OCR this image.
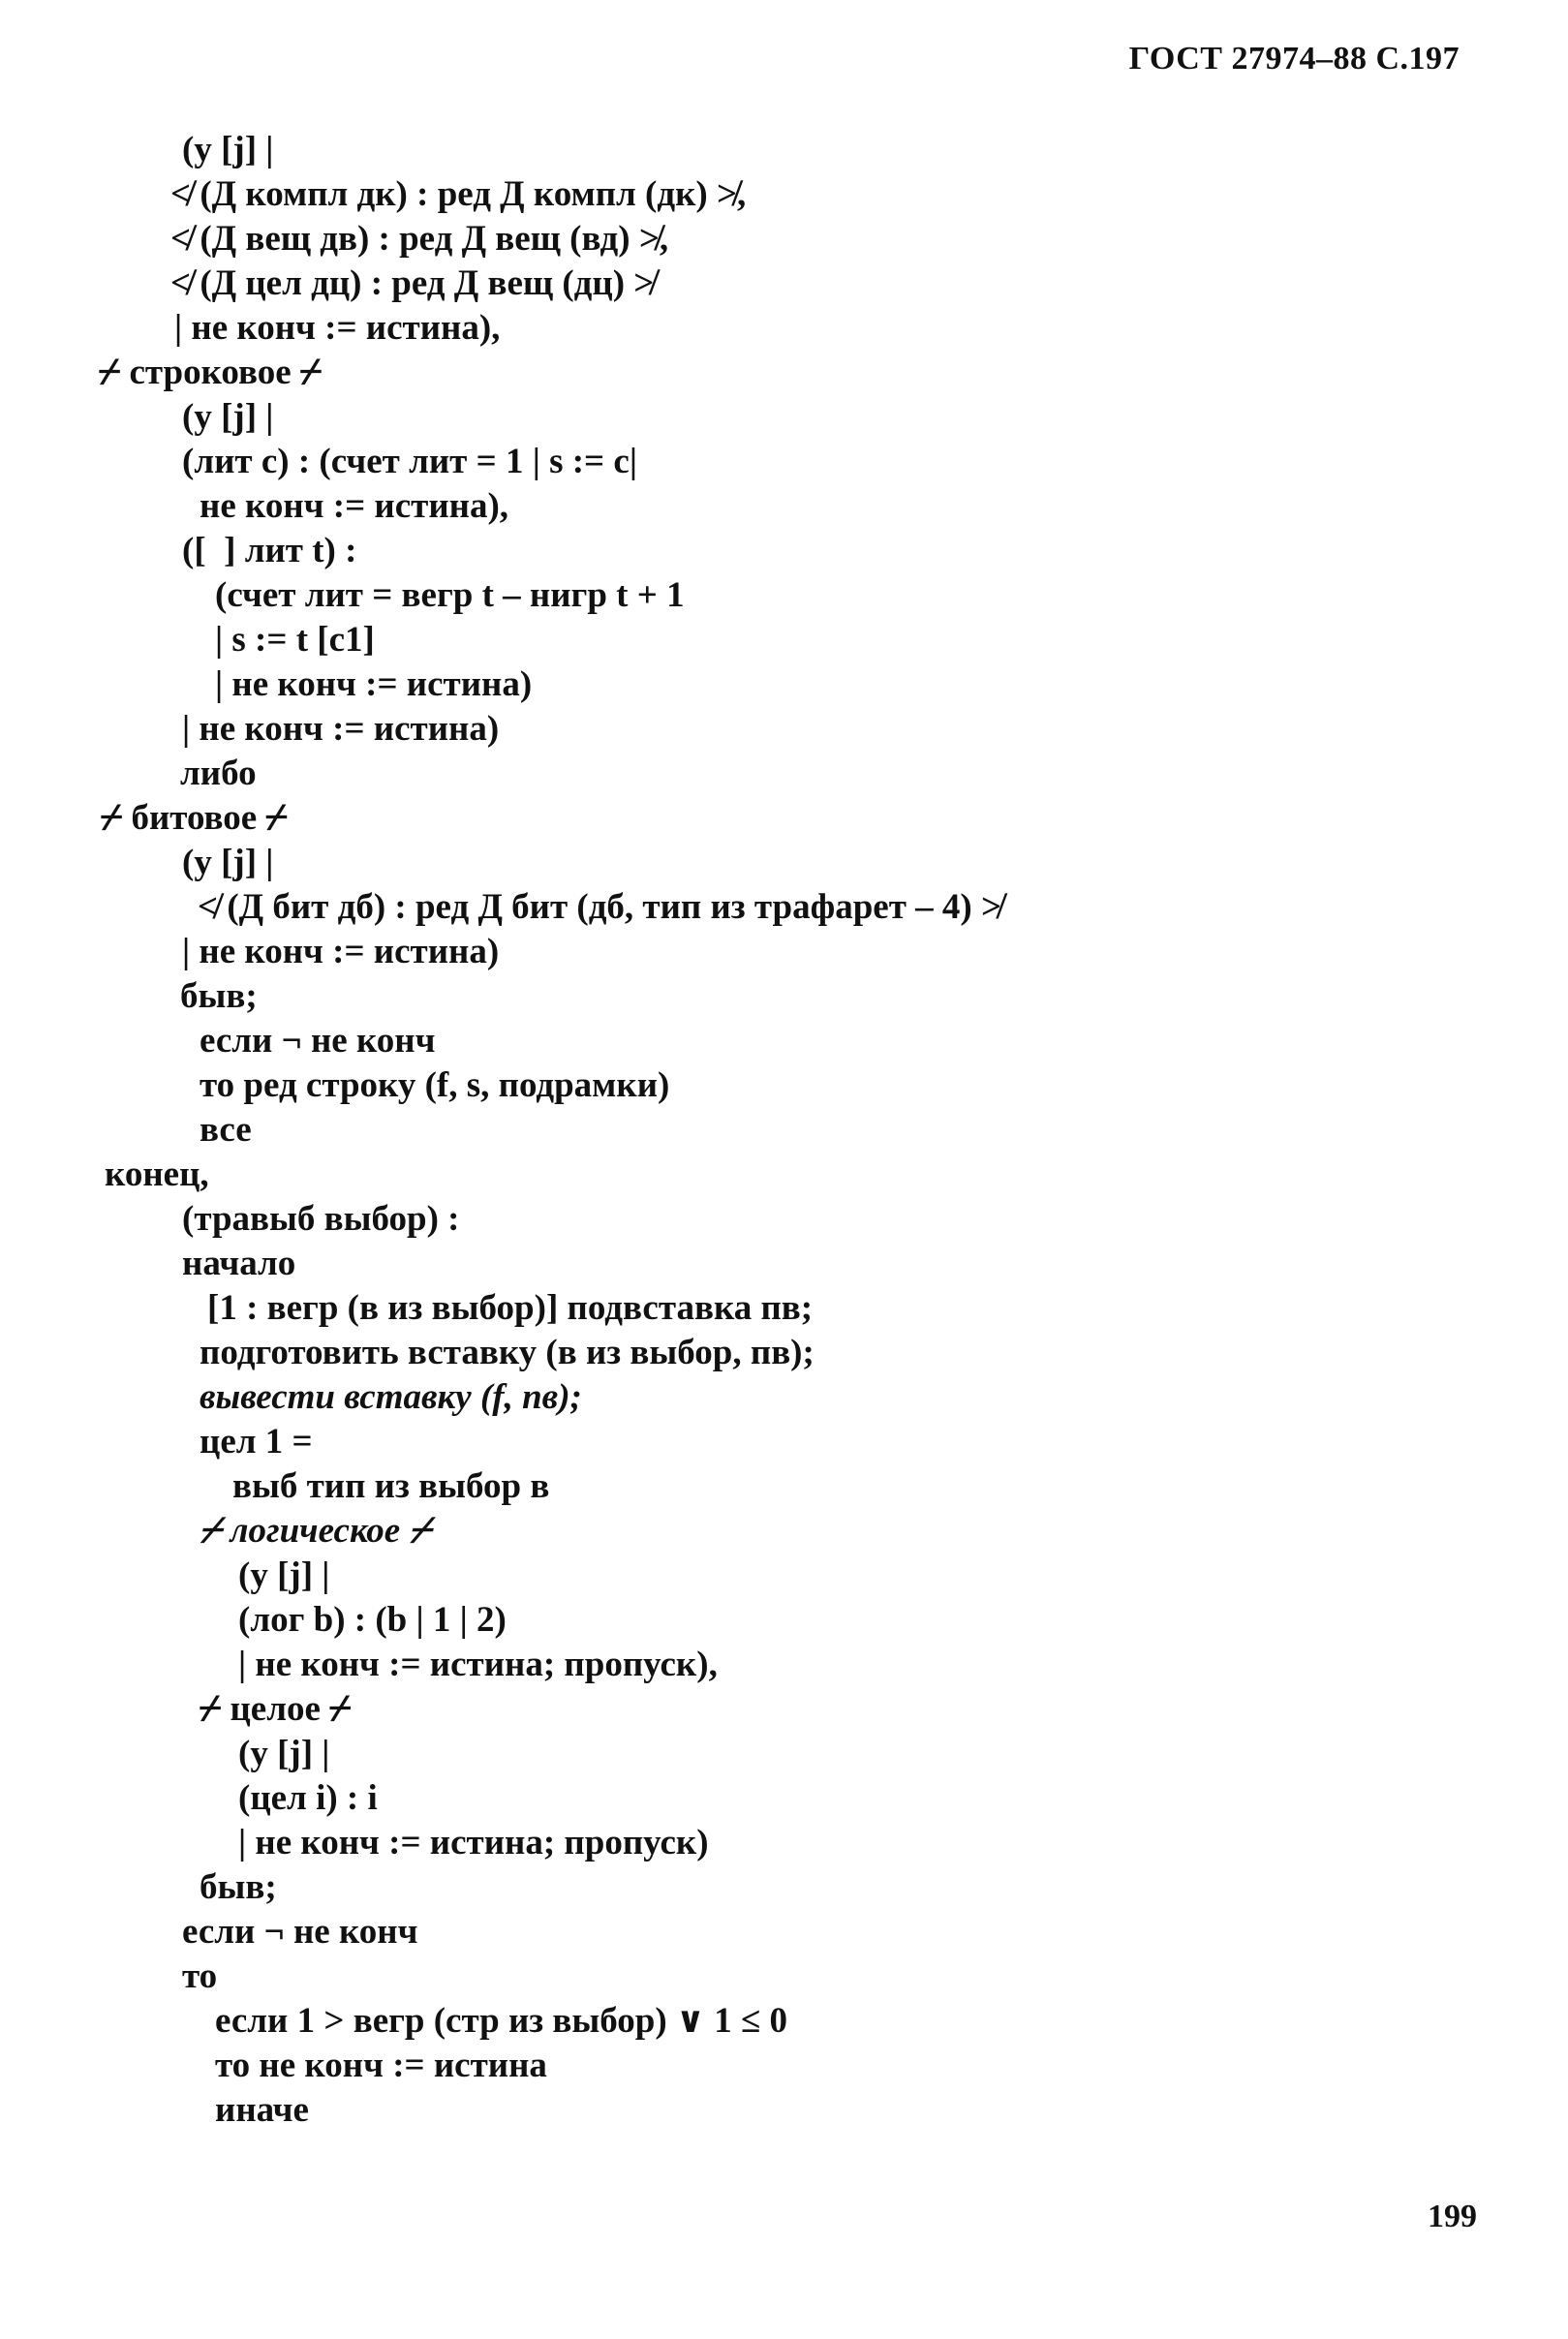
ГОСТ 27974–88 С.197
(у [j] |
≮ (Д компл дк) : ред Д компл (дк) ≯,
≮ (Д вещ дв) : ред Д вещ (вд) ≯,
≮ (Д цел дц) : ред Д вещ (дц) ≯
| не конч := истина),
⌿ строковое ⌿
(у [j] |
(лит с) : (счет лит = 1 | s := с|
не конч := истина),
([  ] лит t) :
(счет лит = вегр t – нигр t + 1
| s := t [с1]
| не конч := истина)
| не конч := истина)
либо
⌿ битовое ⌿
(у [j] |
≮ (Д бит дб) : ред Д бит (дб, тип из трафарет – 4) ≯
| не конч := истина)
быв;
если ¬ не конч
то ред строку (f, s, подрамки)
все
конец,
(травыб выбор) :
начало
[1 : вегр (в из выбор)] подвставка пв;
подготовить вставку (в из выбор, пв);
вывести вставку (f, пв);
цел 1 =
выб тип из выбор в
⌿ логическое ⌿
(у [j] |
(лог b) : (b | 1 | 2)
| не конч := истина; пропуск),
⌿ целое ⌿
(у [j] |
(цел i) : i
| не конч := истина; пропуск)
быв;
если ¬ не конч
то
если 1 > вегр (стр из выбор) ∨ 1 ≤ 0
то не конч := истина
иначе
199
